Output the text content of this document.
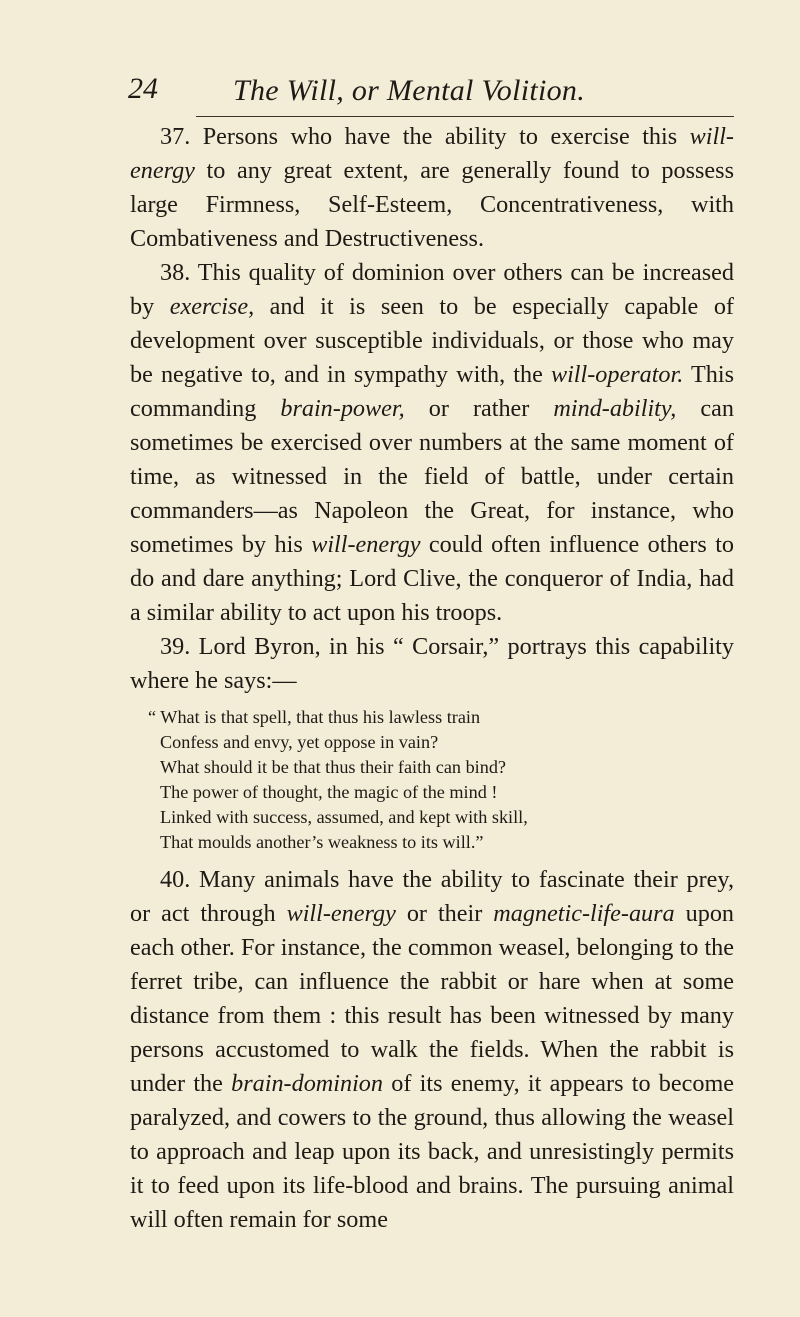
24	The Will, or Mental Volition.

37. Persons who have the ability to exercise this will-energy to any great extent, are generally found to possess large Firmness, Self-Esteem, Concentrativeness, with Combativeness and Destructiveness.

38. This quality of dominion over others can be increased by exercise, and it is seen to be especially capable of development over susceptible individuals, or those who may be negative to, and in sympathy with, the will-operator. This commanding brain-power, or rather mind-ability, can sometimes be exercised over numbers at the same moment of time, as witnessed in the field of battle, under certain commanders—as Napoleon the Great, for instance, who sometimes by his will-energy could often influence others to do and dare anything; Lord Clive, the conqueror of India, had a similar ability to act upon his troops.

39. Lord Byron, in his “ Corsair,” portrays this capability where he says:—

“ What is that spell, that thus his lawless train
Confess and envy, yet oppose in vain?
What should it be that thus their faith can bind?
The power of thought, the magic of the mind !
Linked with success, assumed, and kept with skill,
That moulds another’s weakness to its will.”

40. Many animals have the ability to fascinate their prey, or act through will-energy or their magnetic-life-aura upon each other. For instance, the common weasel, belonging to the ferret tribe, can influence the rabbit or hare when at some distance from them : this result has been witnessed by many persons accustomed to walk the fields. When the rabbit is under the brain-dominion of its enemy, it appears to become paralyzed, and cowers to the ground, thus allowing the weasel to approach and leap upon its back, and unresistingly permits it to feed upon its life-blood and brains. The pursuing animal will often remain for some
